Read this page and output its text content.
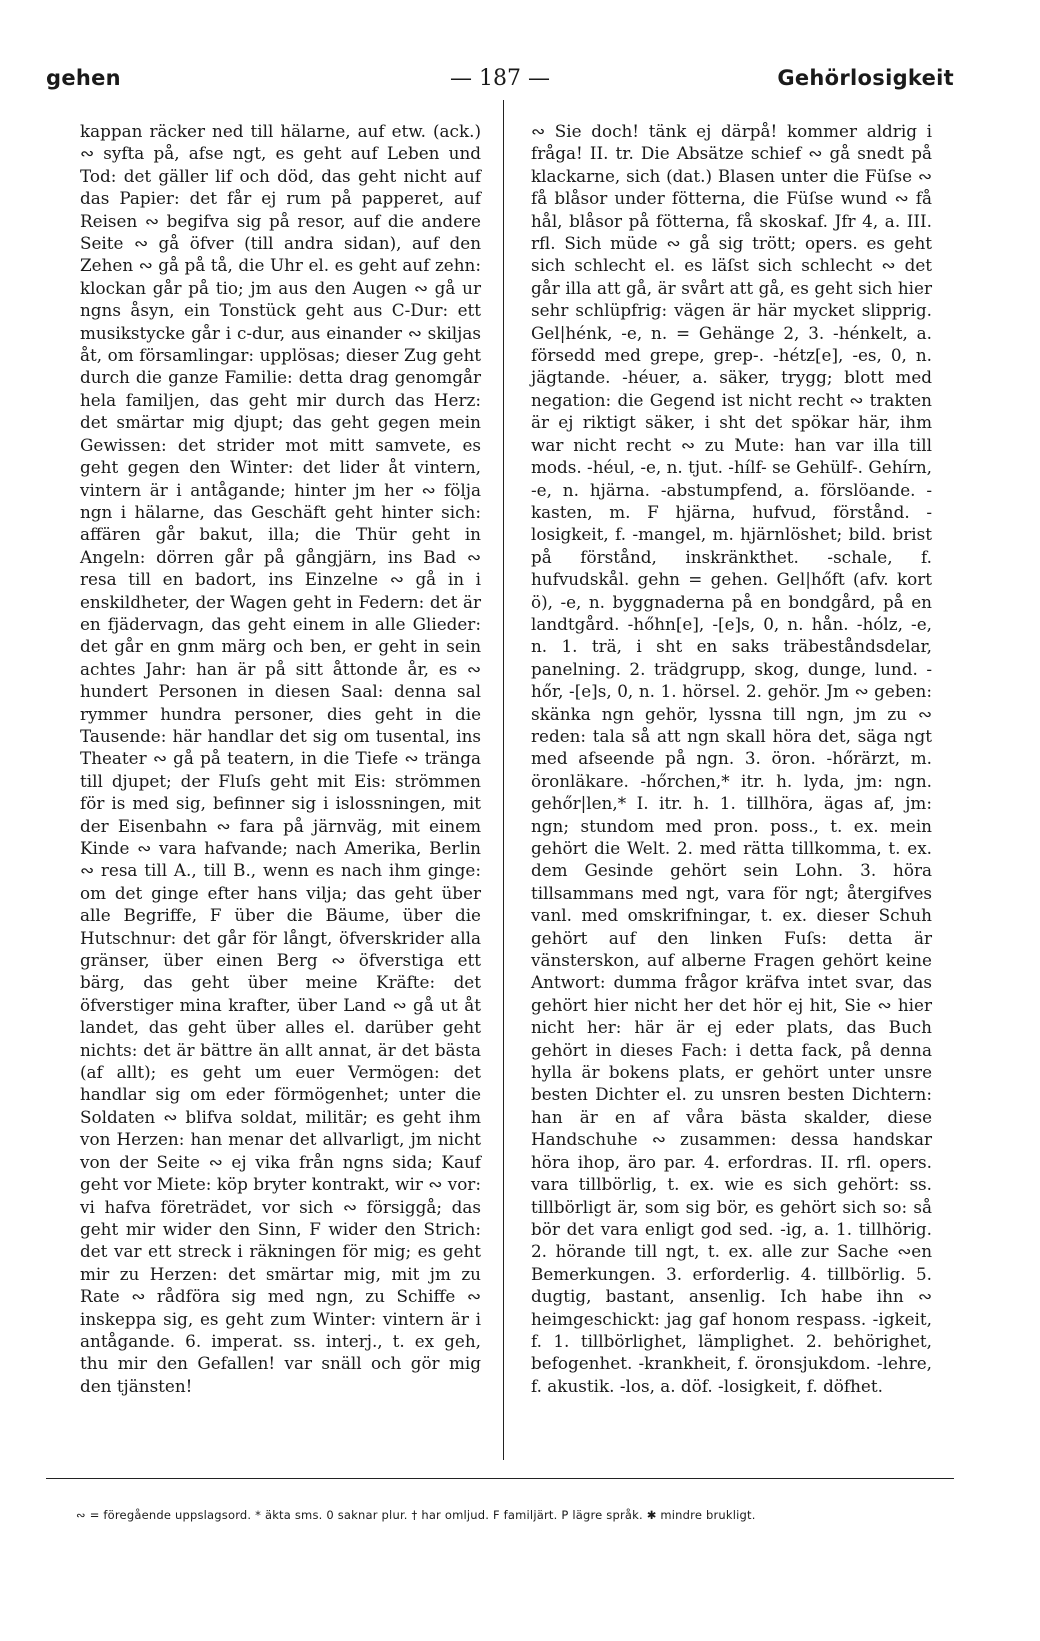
gehen	— 187 —	Gehörlosigkeit

kappan räcker ned till hälarne, auf etw. (ack.) ∾ syfta på, afse ngt, es geht auf Leben und Tod: det gäller lif och död, das geht nicht auf das Papier: det får ej rum på papperet, auf Reisen ∾ begifva sig på resor, auf die andere Seite ∾ gå öfver (till andra sidan), auf den Zehen ∾ gå på tå, die Uhr el. es geht auf zehn: klockan går på tio; jm aus den Augen ∾ gå ur ngns åsyn, ein Tonstück geht aus C-Dur: ett musikstycke går i c-dur, aus einander ∾ skiljas åt, om församlingar: upplösas; dieser Zug geht durch die ganze Familie: detta drag genomgår hela familjen, das geht mir durch das Herz: det smärtar mig djupt; das geht gegen mein Gewissen: det strider mot mitt samvete, es geht gegen den Winter: det lider åt vintern, vintern är i antågande; hinter jm her ∾ följa ngn i hälarne, das Geschäft geht hinter sich: affären går bakut, illa; die Thür geht in Angeln: dörren går på gångjärn, ins Bad ∾ resa till en badort, ins Einzelne ∾ gå in i enskildheter, der Wagen geht in Federn: det är en fjädervagn, das geht einem in alle Glieder: det går en gnm märg och ben, er geht in sein achtes Jahr: han är på sitt åttonde år, es ∾ hundert Personen in diesen Saal: denna sal rymmer hundra personer, dies geht in die Tausende: här handlar det sig om tusental, ins Theater ∾ gå på teatern, in die Tiefe ∾ tränga till djupet; der Fluſs geht mit Eis: strömmen för is med sig, befinner sig i islossningen, mit der Eisenbahn ∾ fara på järnväg, mit einem Kinde ∾ vara hafvande; nach Amerika, Berlin ∾ resa till A., till B., wenn es nach ihm ginge: om det ginge efter hans vilja; das geht über alle Begriffe, F über die Bäume, über die Hutschnur: det går för långt, öfverskrider alla gränser, über einen Berg ∾ öfverstiga ett bärg, das geht über meine Kräfte: det öfverstiger mina krafter, über Land ∾ gå ut åt landet, das geht über alles el. darüber geht nichts: det är bättre än allt annat, är det bästa (af allt); es geht um euer Vermögen: det handlar sig om eder förmögenhet; unter die Soldaten ∾ blifva soldat, militär; es geht ihm von Herzen: han menar det allvarligt, jm nicht von der Seite ∾ ej vika från ngns sida; Kauf geht vor Miete: köp bryter kontrakt, wir ∾ vor: vi hafva företrädet, vor sich ∾ försiggå; das geht mir wider den Sinn, F wider den Strich: det var ett streck i räkningen för mig; es geht mir zu Herzen: det smärtar mig, mit jm zu Rate ∾ rådföra sig med ngn, zu Schiffe ∾ inskeppa sig, es geht zum Winter: vintern är i antågande. 6. imperat. ss. interj., t. ex geh, thu mir den Gefallen! var snäll och gör mig den tjänsten!

∾ Sie doch! tänk ej därpå! kommer aldrig i fråga! II. tr. Die Absätze schief ∾ gå snedt på klackarne, sich (dat.) Blasen unter die Füſse ∾ få blåsor under fötterna, die Füſse wund ∾ få hål, blåsor på fötterna, få skoskaf. Jfr 4, a. III. rfl. Sich müde ∾ gå sig trött; opers. es geht sich schlecht el. es läſst sich schlecht ∾ det går illa att gå, är svårt att gå, es geht sich hier sehr schlüpfrig: vägen är här mycket slipprig. Gel|hénk, -e, n. = Gehänge 2, 3. -hénkelt, a. försedd med grepe, grep-. -hétz[e], -es, 0, n. jägtande. -héuer, a. säker, trygg; blott med negation: die Gegend ist nicht recht ∾ trakten är ej riktigt säker, i sht det spökar här, ihm war nicht recht ∾ zu Mute: han var illa till mods. -héul, -e, n. tjut. -hílf- se Gehülf-. Gehírn, -e, n. hjärna. -abstumpfend, a. förslöande. -kasten, m. F hjärna, hufvud, förstånd. -losigkeit, f. -mangel, m. hjärnlöshet; bild. brist på förstånd, inskränkthet. -schale, f. hufvudskål. gehn = gehen. Gel|hőft (afv. kort ö), -e, n. byggnaderna på en bondgård, på en landtgård. -hőhn[e], -[e]s, 0, n. hån. -hólz, -e, n. 1. trä, i sht en saks träbeståndsdelar, panelning. 2. trädgrupp, skog, dunge, lund. -hőr, -[e]s, 0, n. 1. hörsel. 2. gehör. Jm ∾ geben: skänka ngn gehör, lyssna till ngn, jm zu ∾ reden: tala så att ngn skall höra det, säga ngt med afseende på ngn. 3. öron. -hőrärzt, m. öronläkare. -hőrchen,* itr. h. lyda, jm: ngn. gehőr|len,* I. itr. h. 1. tillhöra, ägas af, jm: ngn; stundom med pron. poss., t. ex. mein gehört die Welt. 2. med rätta tillkomma, t. ex. dem Gesinde gehört sein Lohn. 3. höra tillsammans med ngt, vara för ngt; återgifves vanl. med omskrifningar, t. ex. dieser Schuh gehört auf den linken Fuſs: detta är vänsterskon, auf alberne Fragen gehört keine Antwort: dumma frågor kräfva intet svar, das gehört hier nicht her det hör ej hit, Sie ∾ hier nicht her: här är ej eder plats, das Buch gehört in dieses Fach: i detta fack, på denna hylla är bokens plats, er gehört unter unsre besten Dichter el. zu unsren besten Dichtern: han är en af våra bästa skalder, diese Handschuhe ∾ zusammen: dessa handskar höra ihop, äro par. 4. erfordras. II. rfl. opers. vara tillbörlig, t. ex. wie es sich gehört: ss. tillbörligt är, som sig bör, es gehört sich so: så bör det vara enligt god sed. -ig, a. 1. tillhörig. 2. hörande till ngt, t. ex. alle zur Sache ∾en Bemerkungen. 3. erforderlig. 4. tillbörlig. 5. dugtig, bastant, ansenlig. Ich habe ihn ∾ heimgeschickt: jag gaf honom respass. -igkeit, f. 1. tillbörlighet, lämplighet. 2. behörighet, befogenhet. -krankheit, f. öronsjukdom. -lehre, f. akustik. -los, a. döf. -losigkeit, f. döfhet.

∾ = föregående uppslagsord. * äkta sms. 0 saknar plur. † har omljud. F familjärt. P lägre språk. ✱ mindre brukligt.
